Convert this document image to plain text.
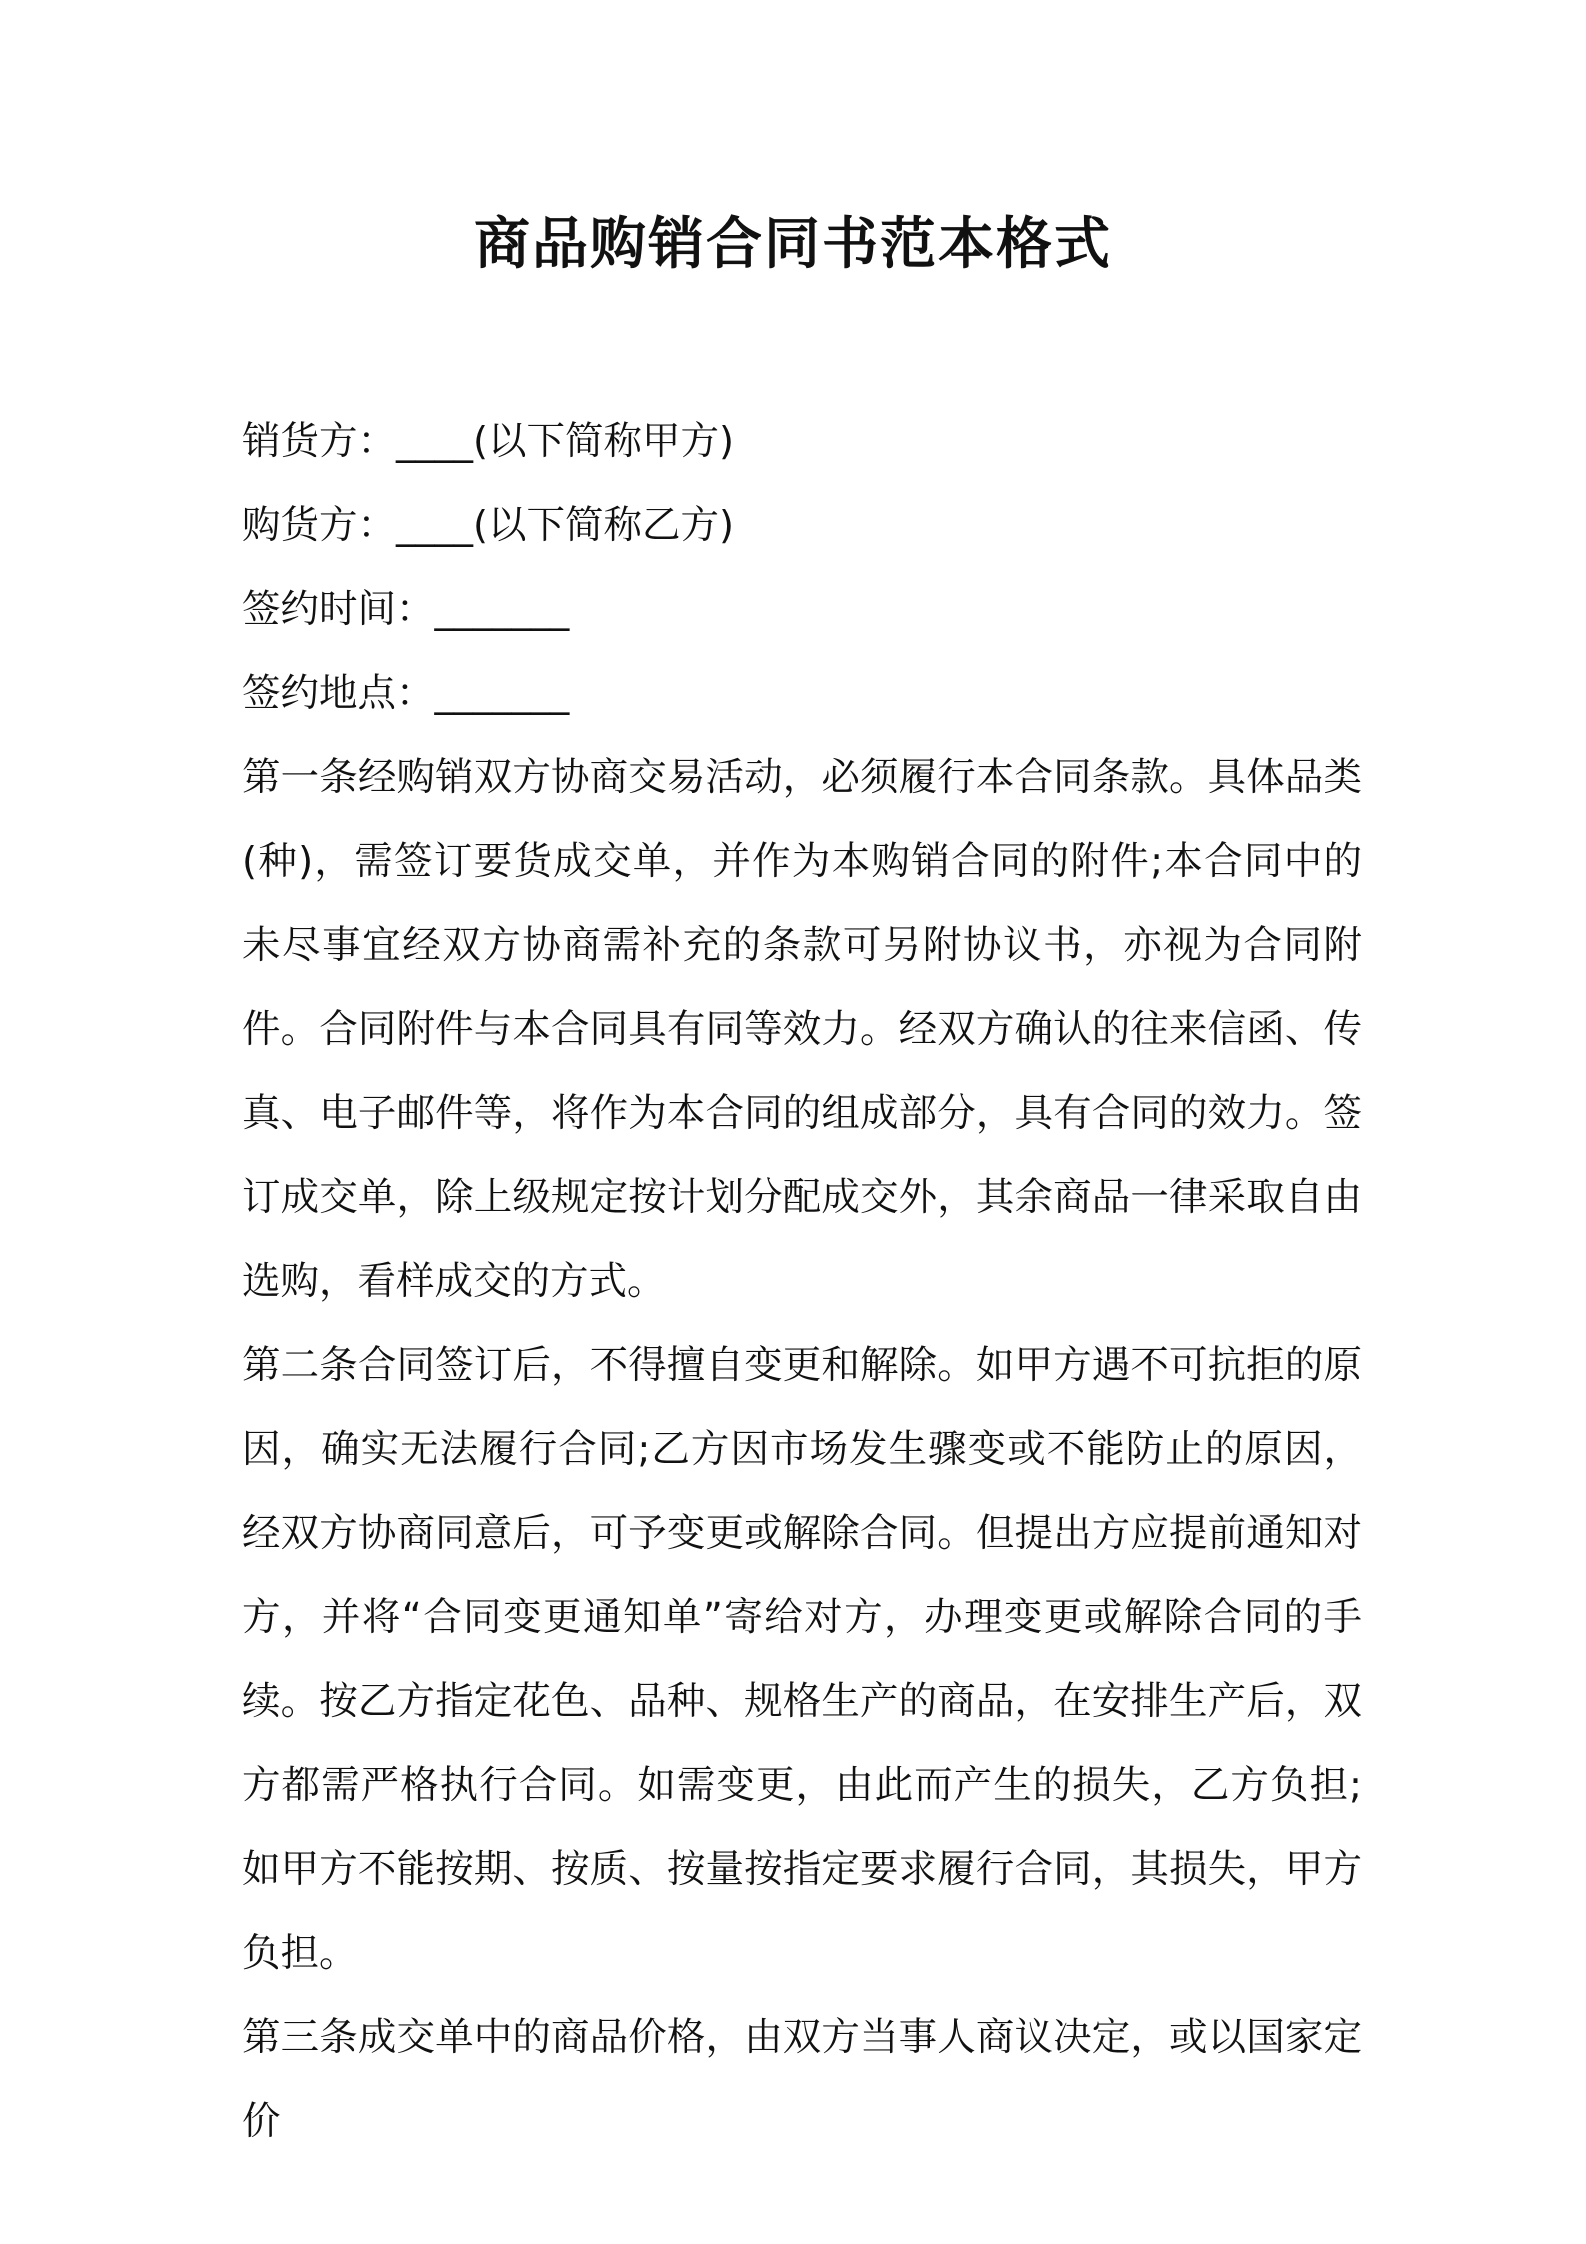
商品购销合同书范本格式
销货方：____(以下简称甲方)
购货方：____(以下简称乙方)
签约时间：_______
签约地点：_______

第一条经购销双方协商交易活动，必须履行本合同条款。具体品类(种)，需签订要货成交单，并作为本购销合同的附件;本合同中的未尽事宜经双方协商需补充的条款可另附协议书，亦视为合同附件。合同附件与本合同具有同等效力。经双方确认的往来信函、传真、电子邮件等，将作为本合同的组成部分，具有合同的效力。签订成交单，除上级规定按计划分配成交外，其余商品一律采取自由选购，看样成交的方式。

第二条合同签订后，不得擅自变更和解除。如甲方遇不可抗拒的原因，确实无法履行合同;乙方因市场发生骤变或不能防止的原因，经双方协商同意后，可予变更或解除合同。但提出方应提前通知对方，并将“合同变更通知单”寄给对方，办理变更或解除合同的手续。按乙方指定花色、品种、规格生产的商品，在安排生产后，双方都需严格执行合同。如需变更，由此而产生的损失，乙方负担;如甲方不能按期、按质、按量按指定要求履行合同，其损失，甲方负担。

第三条成交单中的商品价格，由双方当事人商议决定，或以国家定价
